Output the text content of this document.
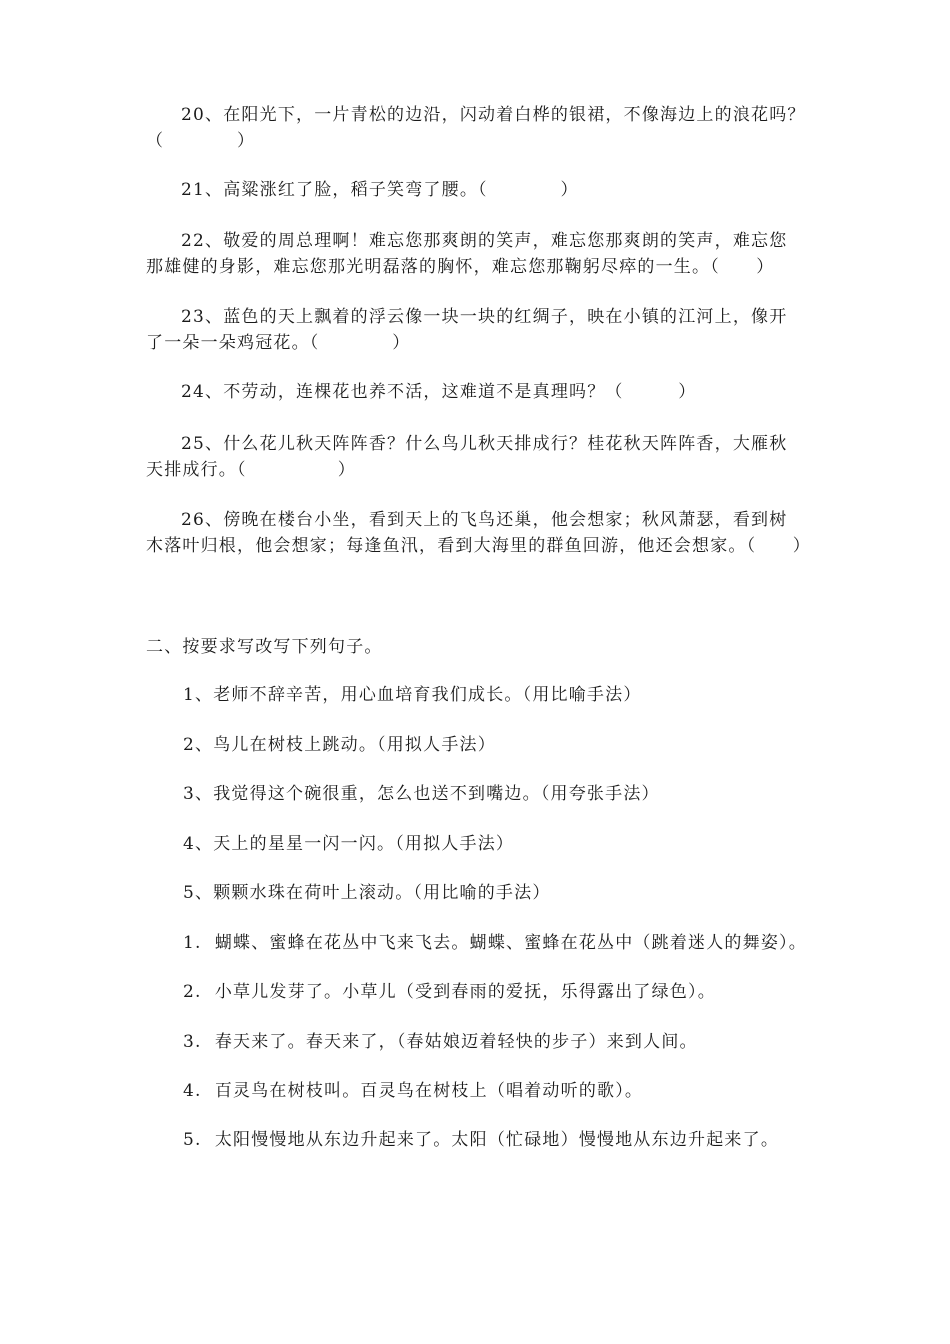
20、在阳光下，一片青松的边沿，闪动着白桦的银裙，不像海边上的浪花吗？
（　　　　）
21、高粱涨红了脸，稻子笑弯了腰。（　　　　）
22、敬爱的周总理啊！难忘您那爽朗的笑声，难忘您那爽朗的笑声，难忘您
那雄健的身影，难忘您那光明磊落的胸怀，难忘您那鞠躬尽瘁的一生。（　　）
23、蓝色的天上飘着的浮云像一块一块的红绸子，映在小镇的江河上，像开
了一朵一朵鸡冠花。（　　　　）
24、不劳动，连棵花也养不活，这难道不是真理吗？（　　　）
25、什么花儿秋天阵阵香？什么鸟儿秋天排成行？桂花秋天阵阵香，大雁秋
天排成行。（　　　　　）
26、傍晚在楼台小坐，看到天上的飞鸟还巢，他会想家；秋风萧瑟，看到树
木落叶归根，他会想家；每逢鱼汛，看到大海里的群鱼回游，他还会想家。（　　）
二、按要求写改写下列句子。
1、老师不辞辛苦，用心血培育我们成长。（用比喻手法）
2、鸟儿在树枝上跳动。（用拟人手法）
3、我觉得这个碗很重，怎么也送不到嘴边。（用夸张手法）
4、天上的星星一闪一闪。（用拟人手法）
5、颗颗水珠在荷叶上滚动。（用比喻的手法）
1.  蝴蝶、蜜蜂在花丛中飞来飞去。蝴蝶、蜜蜂在花丛中（跳着迷人的舞姿）。
2.  小草儿发芽了。小草儿（受到春雨的爱抚，乐得露出了绿色）。
3.  春天来了。春天来了，（春姑娘迈着轻快的步子）来到人间。
4.  百灵鸟在树枝叫。百灵鸟在树枝上（唱着动听的歌）。
5.  太阳慢慢地从东边升起来了。太阳（忙碌地）慢慢地从东边升起来了。
